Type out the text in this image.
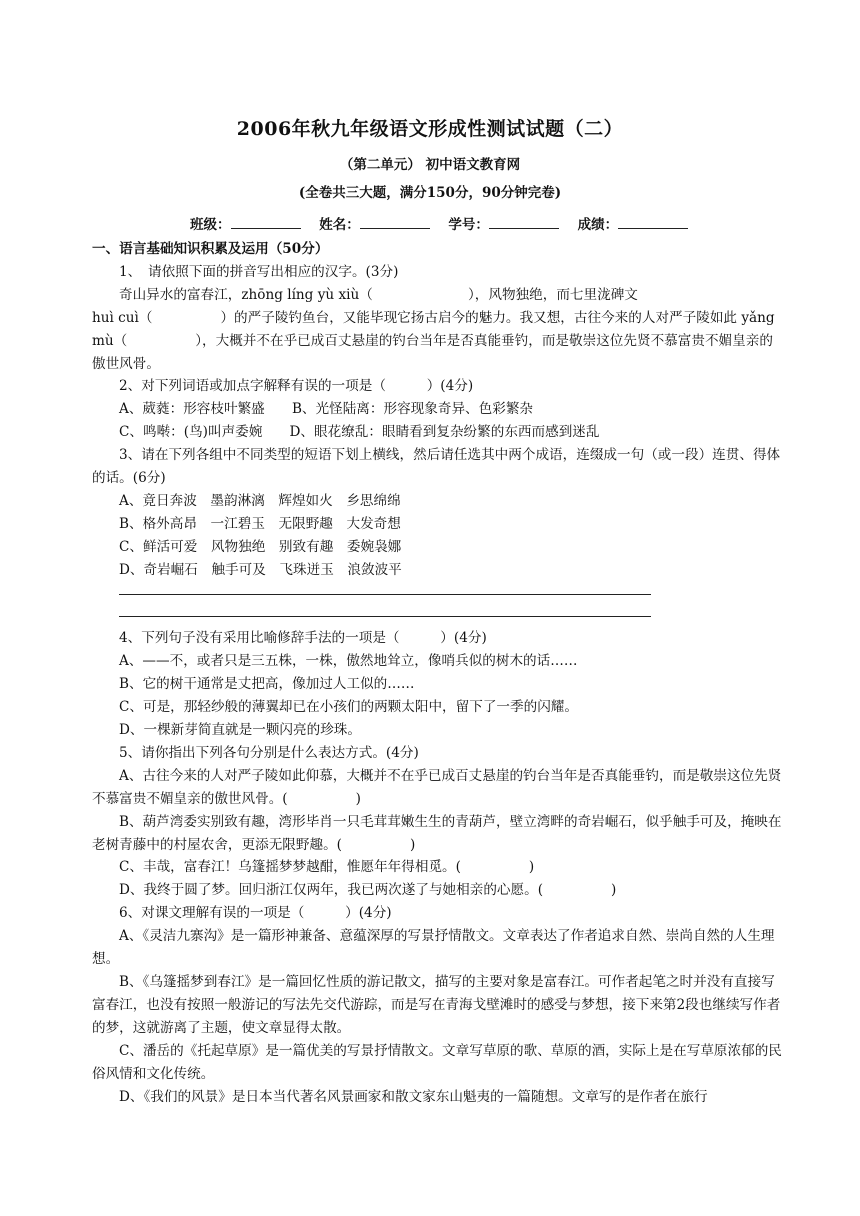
2006年秋九年级语文形成性测试试题（二）
（第二单元） 初中语文教育网
(全卷共三大题，满分150分，90分钟完卷)
班级：	姓名：	学号：	成绩：

一、语言基础知识积累及运用（50分）

1、　请依照下面的拼音写出相应的汉字。(3分)

奇山异水的富春江，zhōng líng yù xiù（　　　　　　　），风物独绝，而七里泷碑文

huì cuì（　　　　　）的严子陵钓鱼台，又能毕现它扬古启今的魅力。我又想，古往今来的人对严子陵如此 yǎng mù（　　　　　），大概并不在乎已成百丈悬崖的钓台当年是否真能垂钓，而是敬崇这位先贤不慕富贵不媚皇亲的傲世风骨。

2、对下列词语或加点字解释有误的一项是（　　　）(4分)

A、葳蕤：形容枝叶繁盛　　B、光怪陆离：形容现象奇异、色彩繁杂

C、鸣啭：(鸟)叫声委婉　　D、眼花缭乱：眼睛看到复杂纷繁的东西而感到迷乱

3、请在下列各组中不同类型的短语下划上横线，然后请任选其中两个成语，连缀成一句（或一段）连贯、得体的话。(6分)

A、竟日奔波　墨韵淋漓　辉煌如火　乡思绵绵

B、格外高昂　一江碧玉　无限野趣　大发奇想

C、鲜活可爱　风物独绝　别致有趣　委婉袅娜

D、奇岩崛石　触手可及　飞珠迸玉　浪敛波平

4、下列句子没有采用比喻修辞手法的一项是（　　　）(4分)

A、——不，或者只是三五株，一株，傲然地耸立，像哨兵似的树木的话……

B、它的树干通常是丈把高，像加过人工似的……

C、可是，那轻纱般的薄翼却已在小孩们的两颗太阳中，留下了一季的闪耀。

D、一棵新芽简直就是一颗闪亮的珍珠。

5、请你指出下列各句分别是什么表达方式。(4分)

A、古往今来的人对严子陵如此仰慕，大概并不在乎已成百丈悬崖的钓台当年是否真能垂钓，而是敬崇这位先贤不慕富贵不媚皇亲的傲世风骨。(　　　　　)

B、葫芦湾委实别致有趣，湾形毕肖一只毛茸茸嫩生生的青葫芦，壁立湾畔的奇岩崛石，似乎触手可及，掩映在老树青藤中的村屋农舍，更添无限野趣。(　　　　　)

C、丰哉，富春江！乌篷摇梦梦越酣，惟愿年年得相觅。(　　　　　)

D、我终于圆了梦。回归浙江仅两年，我已两次遂了与她相亲的心愿。(　　　　　)

6、对课文理解有误的一项是（　　　）(4分)

A、《灵洁九寨沟》是一篇形神兼备、意蕴深厚的写景抒情散文。文章表达了作者追求自然、崇尚自然的人生理想。

B、《乌篷摇梦到春江》是一篇回忆性质的游记散文，描写的主要对象是富春江。可作者起笔之时并没有直接写富春江，也没有按照一般游记的写法先交代游踪，而是写在青海戈壁滩时的感受与梦想，接下来第2段也继续写作者的梦，这就游离了主题，使文章显得太散。

C、潘岳的《托起草原》是一篇优美的写景抒情散文。文章写草原的歌、草原的酒，实际上是在写草原浓郁的民俗风情和文化传统。

D、《我们的风景》是日本当代著名风景画家和散文家东山魁夷的一篇随想。文章写的是作者在旅行
